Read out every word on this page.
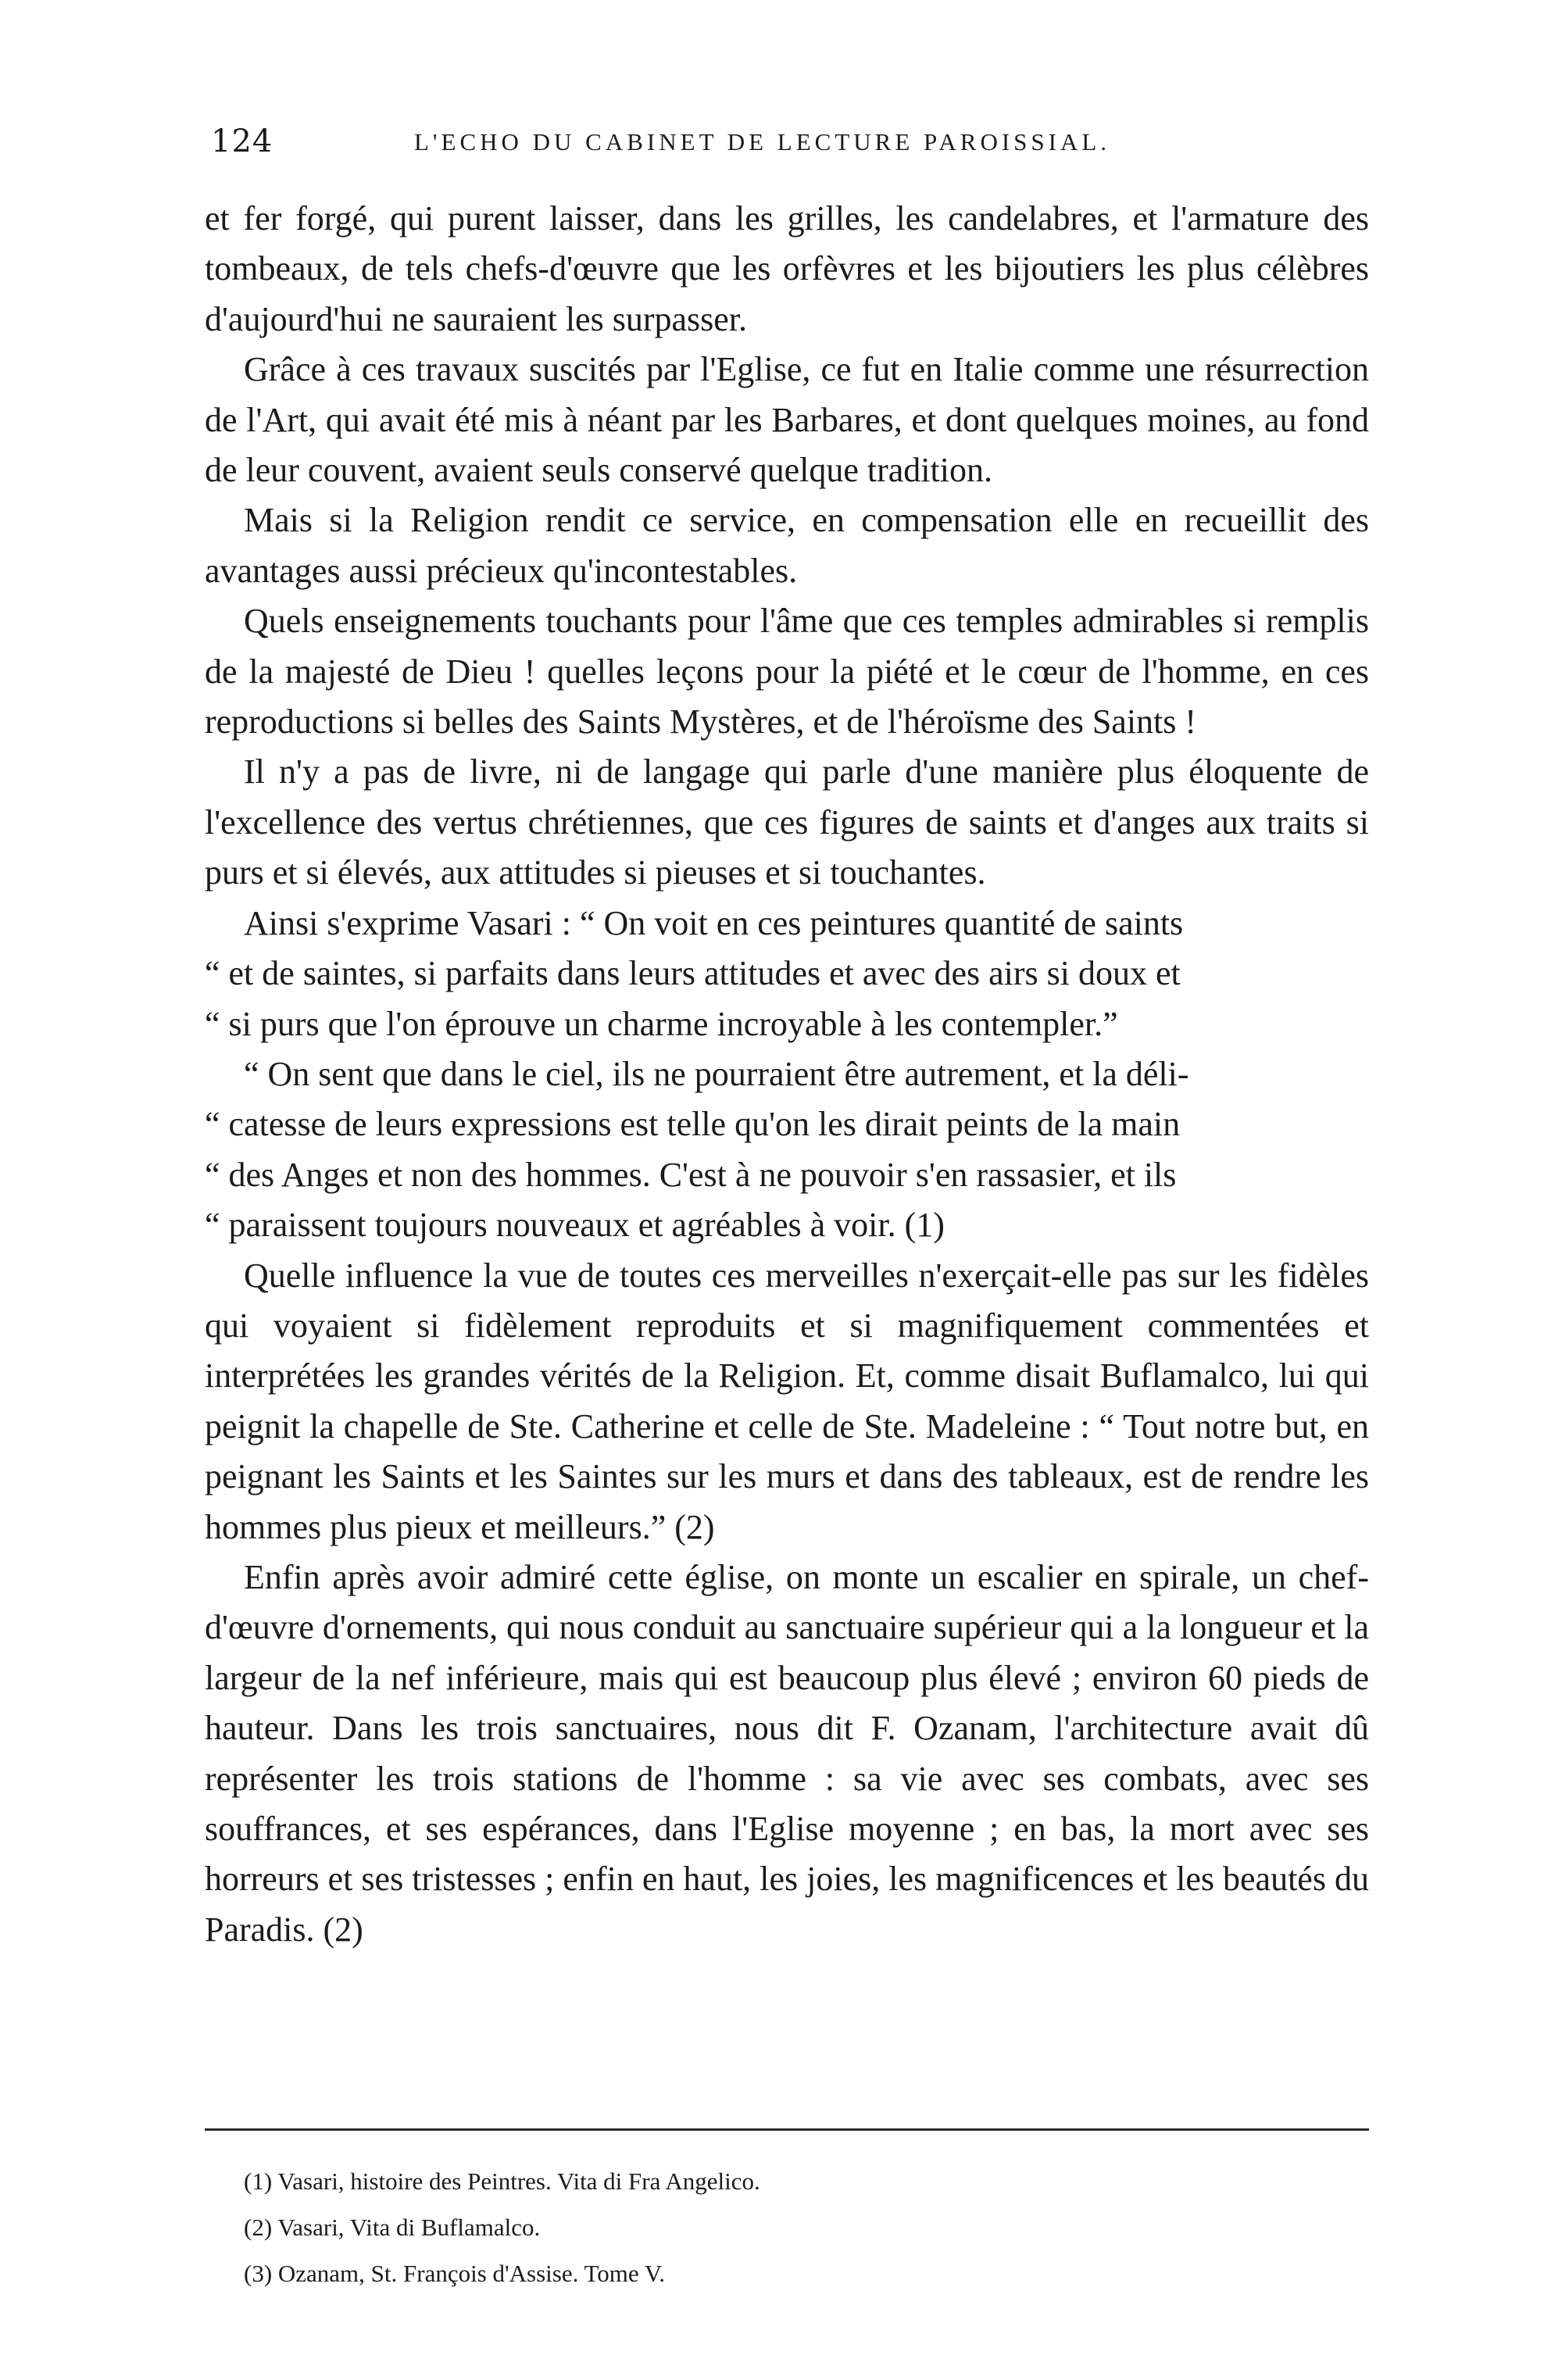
124	L'ECHO DU CABINET DE LECTURE PAROISSIAL.

et fer forgé, qui purent laisser, dans les grilles, les candelabres, et l'armature des tombeaux, de tels chefs-d'œuvre que les orfèvres et les bijoutiers les plus célèbres d'aujourd'hui ne sauraient les surpasser.

Grâce à ces travaux suscités par l'Eglise, ce fut en Italie comme une résurrection de l'Art, qui avait été mis à néant par les Barbares, et dont quelques moines, au fond de leur couvent, avaient seuls conservé quelque tradition.

Mais si la Religion rendit ce service, en compensation elle en recueillit des avantages aussi précieux qu'incontestables.

Quels enseignements touchants pour l'âme que ces temples admirables si remplis de la majesté de Dieu ! quelles leçons pour la piété et le cœur de l'homme, en ces reproductions si belles des Saints Mystères, et de l'héroïsme des Saints !

Il n'y a pas de livre, ni de langage qui parle d'une manière plus éloquente de l'excellence des vertus chrétiennes, que ces figures de saints et d'anges aux traits si purs et si élevés, aux attitudes si pieuses et si touchantes.

Ainsi s'exprime Vasari : “ On voit en ces peintures quantité de saints
“ et de saintes, si parfaits dans leurs attitudes et avec des airs si doux et
“ si purs que l'on éprouve un charme incroyable à les contempler.”
“ On sent que dans le ciel, ils ne pourraient être autrement, et la déli-
“ catesse de leurs expressions est telle qu'on les dirait peints de la main
“ des Anges et non des hommes. C'est à ne pouvoir s'en rassasier, et ils
“ paraissent toujours nouveaux et agréables à voir. (1)

Quelle influence la vue de toutes ces merveilles n'exerçait-elle pas sur les fidèles qui voyaient si fidèlement reproduits et si magnifiquement commentées et interprétées les grandes vérités de la Religion. Et, comme disait Buflamalco, lui qui peignit la chapelle de Ste. Catherine et celle de Ste. Madeleine : “ Tout notre but, en peignant les Saints et les Saintes sur les murs et dans des tableaux, est de rendre les hommes plus pieux et meilleurs.” (2)

Enfin après avoir admiré cette église, on monte un escalier en spirale, un chef-d'œuvre d'ornements, qui nous conduit au sanctuaire supérieur qui a la longueur et la largeur de la nef inférieure, mais qui est beaucoup plus élevé ; environ 60 pieds de hauteur. Dans les trois sanctuaires, nous dit F. Ozanam, l'architecture avait dû représenter les trois stations de l'homme : sa vie avec ses combats, avec ses souffrances, et ses espérances, dans l'Eglise moyenne ; en bas, la mort avec ses horreurs et ses tristesses ; enfin en haut, les joies, les magnificences et les beautés du Paradis. (2)

(1) Vasari, histoire des Peintres. Vita di Fra Angelico.
(2) Vasari, Vita di Buflamalco.
(3) Ozanam, St. François d'Assise. Tome V.
